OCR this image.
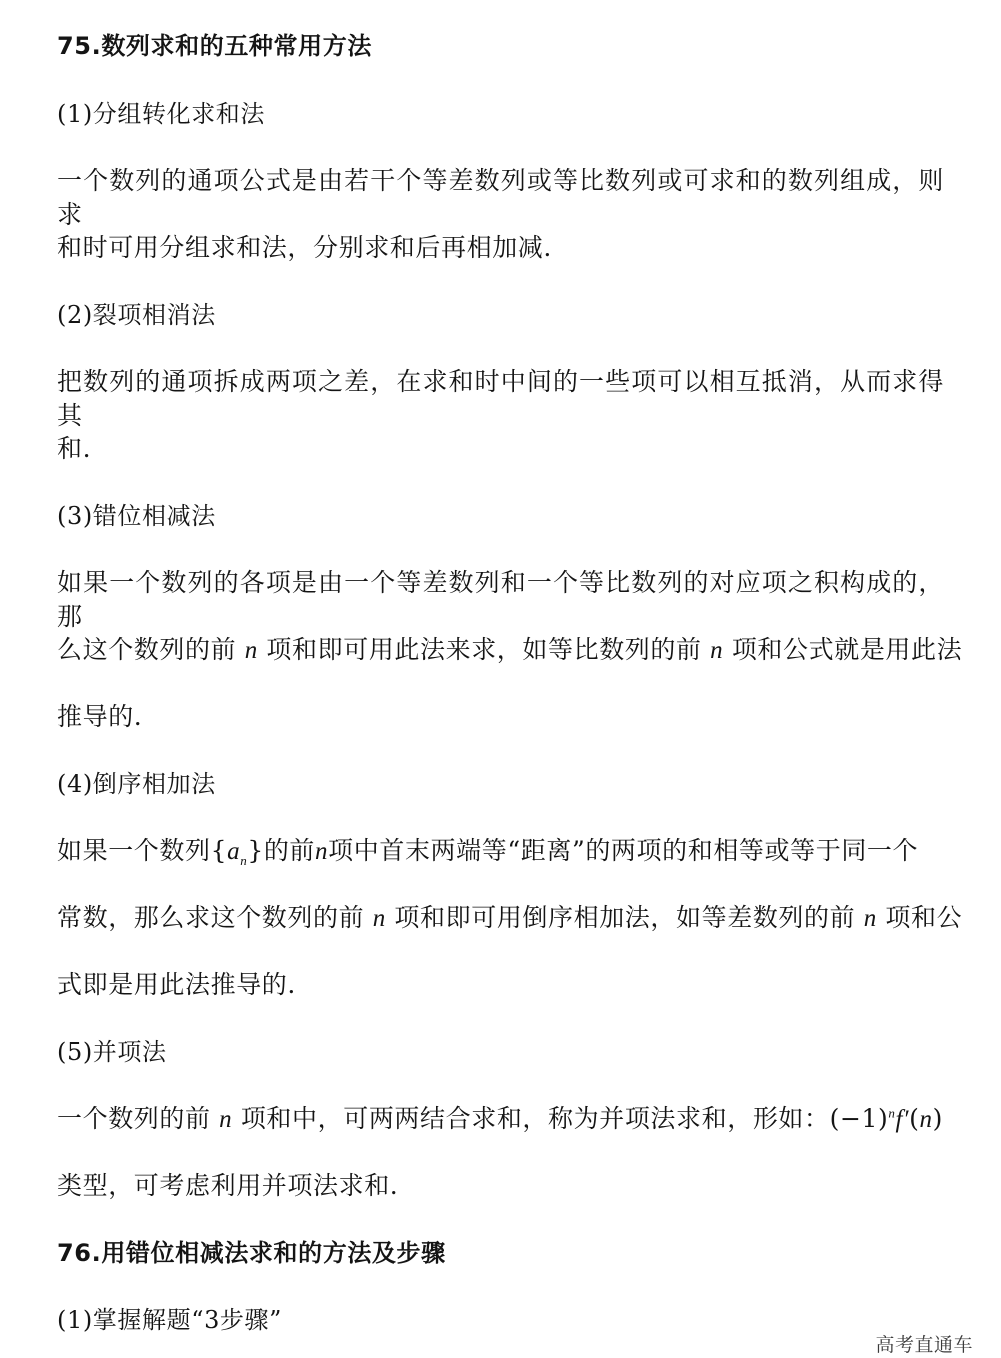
75.数列求和的五种常用方法
(1)分组转化求和法
一个数列的通项公式是由若干个等差数列或等比数列或可求和的数列组成，则求
和时可用分组求和法，分别求和后再相加减.
(2)裂项相消法
把数列的通项拆成两项之差，在求和时中间的一些项可以相互抵消，从而求得其
和.
(3)错位相减法
如果一个数列的各项是由一个等差数列和一个等比数列的对应项之积构成的，那
么这个数列的前 n 项和即可用此法来求，如等比数列的前 n 项和公式就是用此法
推导的.
(4)倒序相加法
如果一个数列$\{a_n\}$的前n项中首末两端等“距离”的两项的和相等或等于同一个
常数，那么求这个数列的前 n 项和即可用倒序相加法，如等差数列的前 n 项和公
式即是用此法推导的.
(5)并项法
一个数列的前 n 项和中，可两两结合求和，称为并项法求和，形如：$(-1)^nf'(n)$
类型，可考虑利用并项法求和.
76.用错位相减法求和的方法及步骤
(1)掌握解题“3步骤”
高考直通车
